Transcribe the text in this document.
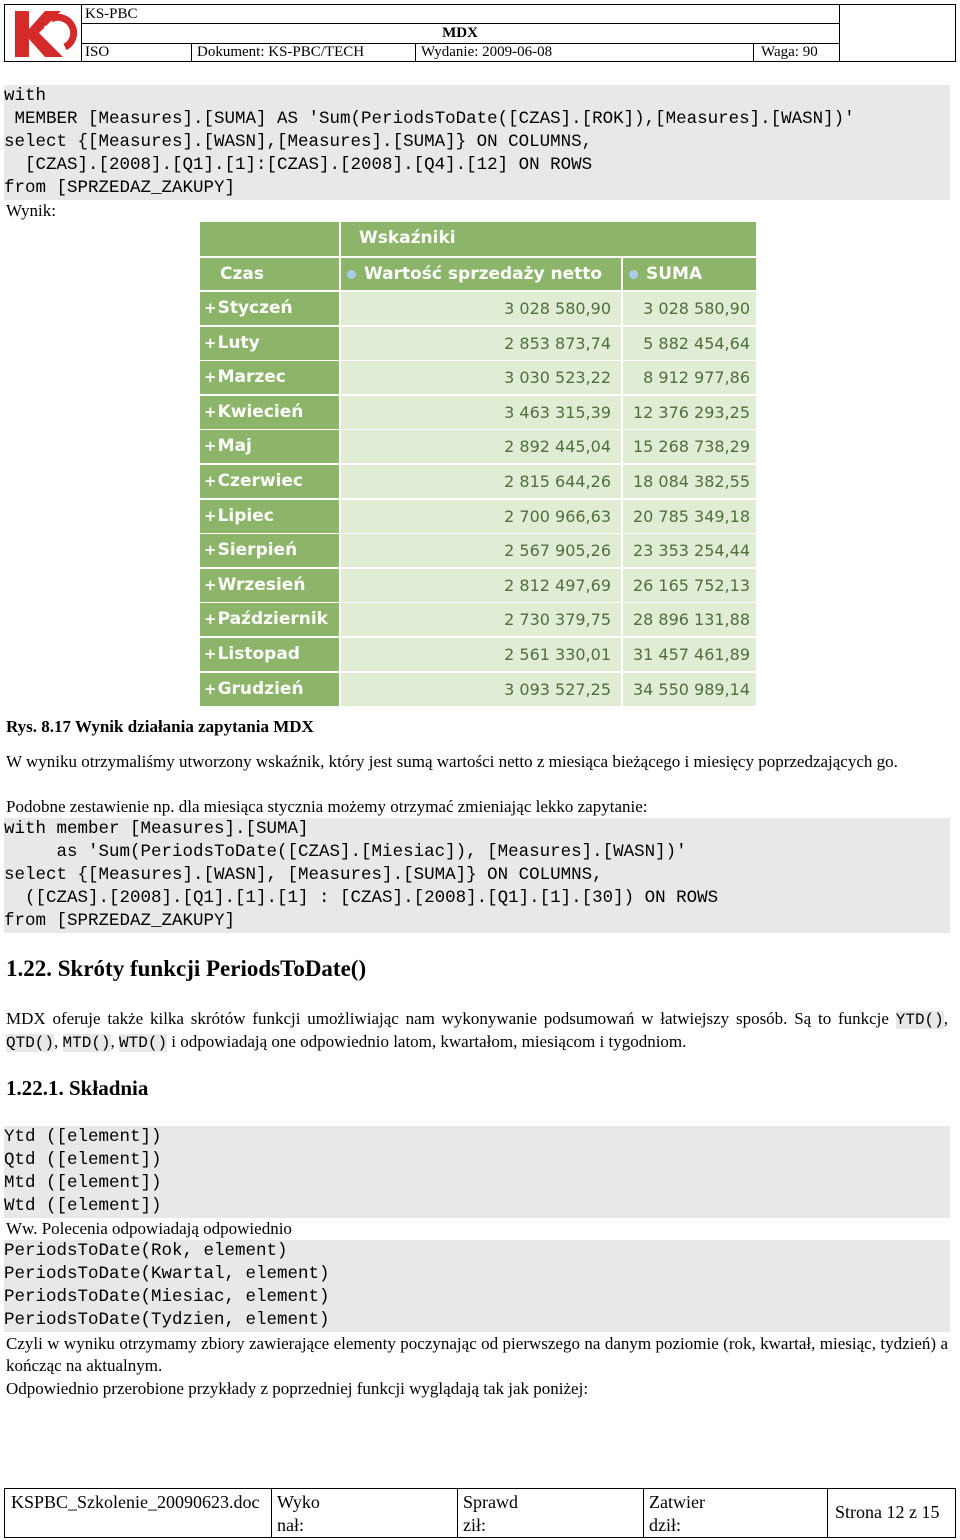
KS
KS-PBC
MDX
ISO	Dokument: KS-PBC/TECH	Wydanie: 2009-06-08	Waga: 90
with
MEMBER [Measures].[SUMA] AS 'Sum(PeriodsToDate([CZAS].[ROK]),[Measures].[WASN])'
select {[Measures].[WASN],[Measures].[SUMA]} ON COLUMNS,
[CZAS].[2008].[Q1].[1]:[CZAS].[2008].[Q4].[12] ON ROWS
from [SPRZEDAZ_ZAKUPY]
Wynik:
Wskaźniki
Czas	Wartość sprzedaży netto	SUMA
+Styczeń	3 028 580,90	3 028 580,90
+Luty	2 853 873,74	5 882 454,64
+Marzec	3 030 523,22	8 912 977,86
+Kwiecień	3 463 315,39	12 376 293,25
+Maj	2 892 445,04	15 268 738,29
+Czerwiec	2 815 644,26	18 084 382,55
+Lipiec	2 700 966,63	20 785 349,18
+Sierpień	2 567 905,26	23 353 254,44
+Wrzesień	2 812 497,69	26 165 752,13
+Październik	2 730 379,75	28 896 131,88
+Listopad	2 561 330,01	31 457 461,89
+Grudzień	3 093 527,25	34 550 989,14
Rys. 8.17 Wynik działania zapytania MDX
W wyniku otrzymaliśmy utworzony wskaźnik, który jest sumą wartości netto z miesiąca bieżącego i miesięcy poprzedzających go.
Podobne zestawienie np. dla miesiąca stycznia możemy otrzymać zmieniając lekko zapytanie:
with member [Measures].[SUMA]
as 'Sum(PeriodsToDate([CZAS].[Miesiac]), [Measures].[WASN])'
select {[Measures].[WASN], [Measures].[SUMA]} ON COLUMNS,
([CZAS].[2008].[Q1].[1].[1] : [CZAS].[2008].[Q1].[1].[30]) ON ROWS
from [SPRZEDAZ_ZAKUPY]
1.22. Skróty funkcji PeriodsToDate()
MDX oferuje także kilka skrótów funkcji umożliwiając nam wykonywanie podsumowań w łatwiejszy sposób. Są to funkcje YTD(), QTD(), MTD(), WTD() i odpowiadają one odpowiednio latom, kwartałom, miesiącom i tygodniom.
1.22.1. Składnia
Ytd ([element])
Qtd ([element])
Mtd ([element])
Wtd ([element])
Ww. Polecenia odpowiadają odpowiednio
PeriodsToDate(Rok, element)
PeriodsToDate(Kwartal, element)
PeriodsToDate(Miesiac, element)
PeriodsToDate(Tydzien, element)
Czyli w wyniku otrzymamy zbiory zawierające elementy poczynając od pierwszego na danym poziomie (rok, kwartał, miesiąc, tydzień) a kończąc na aktualnym.
Odpowiednio przerobione przykłady z poprzedniej funkcji wyglądają tak jak poniżej:
KSPBC_Szkolenie_20090623.doc Wykonał:
Sprawdził:
Zatwierdził:
Strona 12 z 15
